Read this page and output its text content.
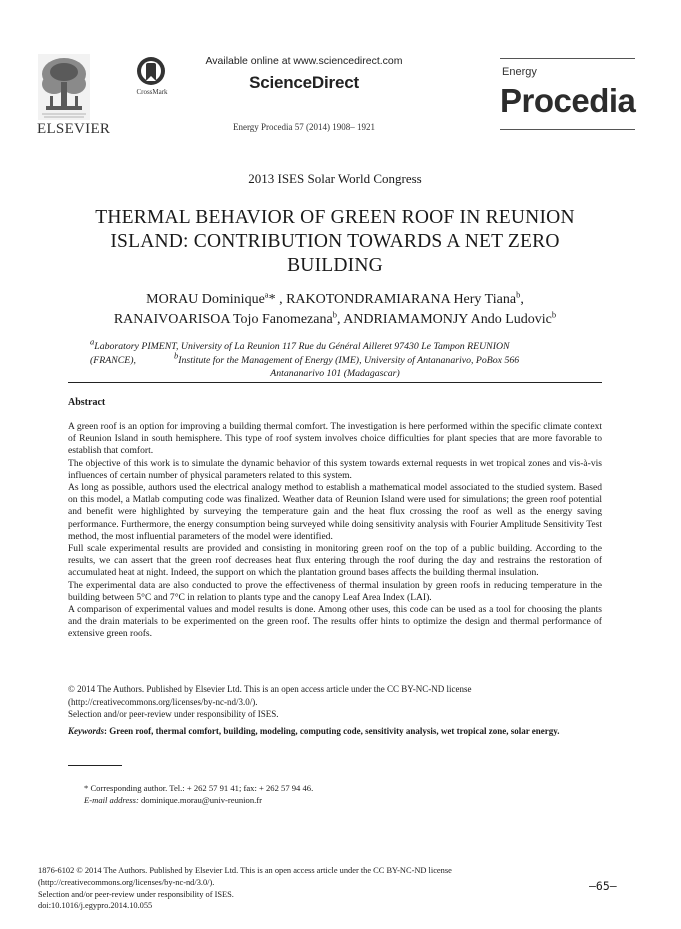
ELSEVIER
CrossMark
Available online at www.sciencedirect.com
ScienceDirect
Energy Procedia 57 (2014) 1908– 1921
Energy
Procedia
2013 ISES Solar World Congress
THERMAL BEHAVIOR OF GREEN ROOF IN REUNION
ISLAND: CONTRIBUTION TOWARDS A NET ZERO
BUILDING
MORAU Dominique$^a$* , RAKOTONDRAMIARANA Hery Tiana$^b$,
RANAIVOARISOA Tojo Fanomezana$^b$, ANDRIAMAMONJY Ando Ludovic$^b$
$^a$Laboratory PIMENT, University of La Reunion 117 Rue du Général Ailleret 97430 Le Tampon REUNION
(FRANCE),	$^b$Institute for the Management of Energy (IME), University of Antananarivo, PoBox 566
Antananarivo 101 (Madagascar)
Abstract

A green roof is an option for improving a building thermal comfort. The investigation is here performed within the specific climate context of Reunion Island in south hemisphere. This type of roof system involves choice difficulties for plant species that are more favorable to establish that comfort.

The objective of this work is to simulate the dynamic behavior of this system towards external requests in wet tropical zones and vis-à-vis influences of certain number of physical parameters related to this system.

As long as possible, authors used the electrical analogy method to establish a mathematical model associated to the studied system. Based on this model, a Matlab computing code was finalized. Weather data of Reunion Island were used for simulations; the green roof potential and benefit were highlighted by surveying the temperature gain and the heat flux crossing the roof as well as the energy saving performance. Furthermore, the energy consumption being surveyed while doing sensitivity analysis with Fourier Amplitude Sensitivity Test method, the most influential parameters of the model were identified.

Full scale experimental results are provided and consisting in monitoring green roof on the top of a public building. According to the results, we can assert that the green roof decreases heat flux entering through the roof during the day and restrains the restoration of accumulated heat at night. Indeed, the support on which the plantation ground bases affects the building thermal insulation.

The experimental data are also conducted to prove the effectiveness of thermal insulation by green roofs in reducing temperature in the building between 5°C and 7°C in relation to plants type and the canopy Leaf Area Index (LAI).

A comparison of experimental values and model results is done. Among other uses, this code can be used as a tool for choosing the plants and the drain materials to be experimented on the green roof. The results offer hints to optimize the design and thermal performance of extensive green roofs.

© 2014 The Authors. Published by Elsevier Ltd. This is an open access article under the CC BY-NC-ND license

(http://creativecommons.org/licenses/by-nc-nd/3.0/).

Selection and/or peer-review under responsibility of ISES.

Keywords: Green roof, thermal comfort, building, modeling, computing code, sensitivity analysis, wet tropical zone, solar energy.

* Corresponding author. Tel.: + 262 57 91 41; fax: + 262 57 94 46.

E-mail address: dominique.morau@univ-reunion.fr

1876-6102 © 2014 The Authors. Published by Elsevier Ltd. This is an open access article under the CC BY-NC-ND license

(http://creativecommons.org/licenses/by-nc-nd/3.0/).

Selection and/or peer-review under responsibility of ISES.

doi:10.1016/j.egypro.2014.10.055

–65–
